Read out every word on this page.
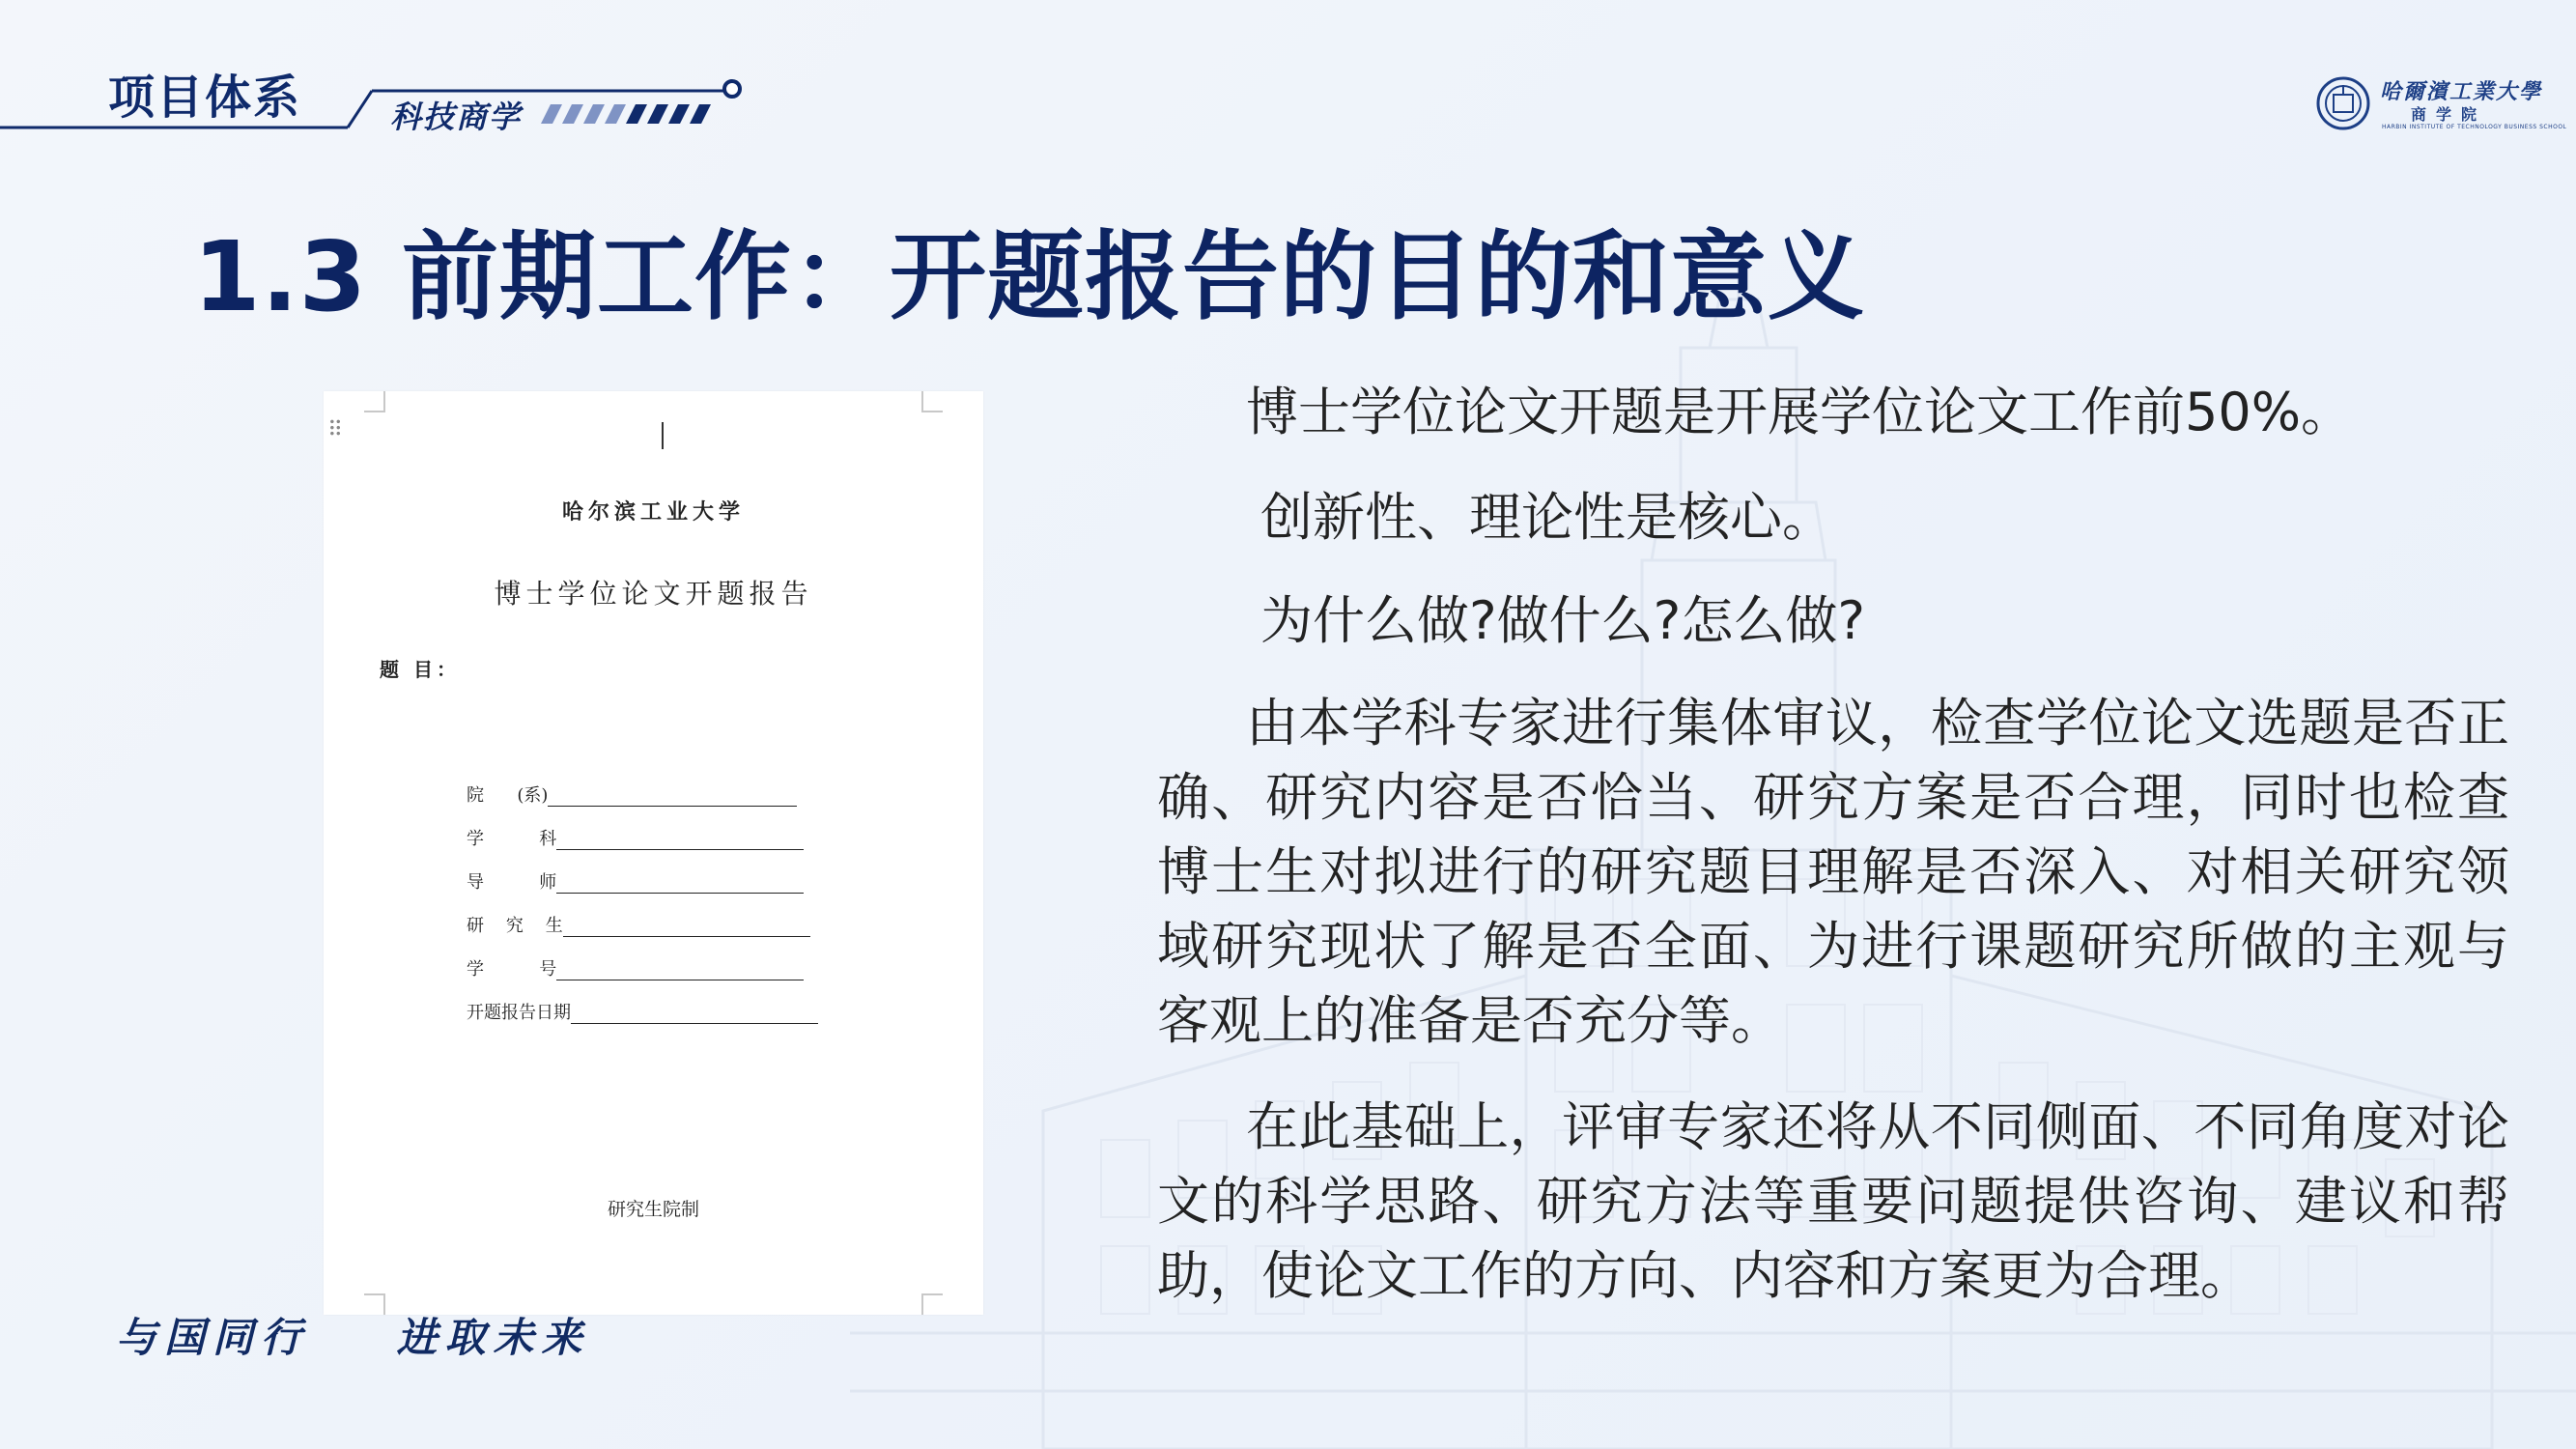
项目体系	科技商学
哈爾濱工業大學
商学院
HARBIN INSTITUTE OF TECHNOLOGY BUSINESS SCHOOL
1.3 前期工作：开题报告的目的和意义
⠿
哈尔滨工业大学
博士学位论文开题报告
题 目：
院      (系)
学          科
导          师
研    究    生
学          号
开题报告日期
研究生院制
博士学位论文开题是开展学位论文工作前50%。
创新性、理论性是核心。
为什么做?做什么?怎么做?
由本学科专家进行集体审议，检查学位论文选题是否正确、研究内容是否恰当、研究方案是否合理，同时也检查博士生对拟进行的研究题目理解是否深入、对相关研究领域研究现状了解是否全面、为进行课题研究所做的主观与客观上的准备是否充分等。
在此基础上，评审专家还将从不同侧面、不同角度对论文的科学思路、研究方法等重要问题提供咨询、建议和帮助，使论文工作的方向、内容和方案更为合理。
与国同行    进取未来
